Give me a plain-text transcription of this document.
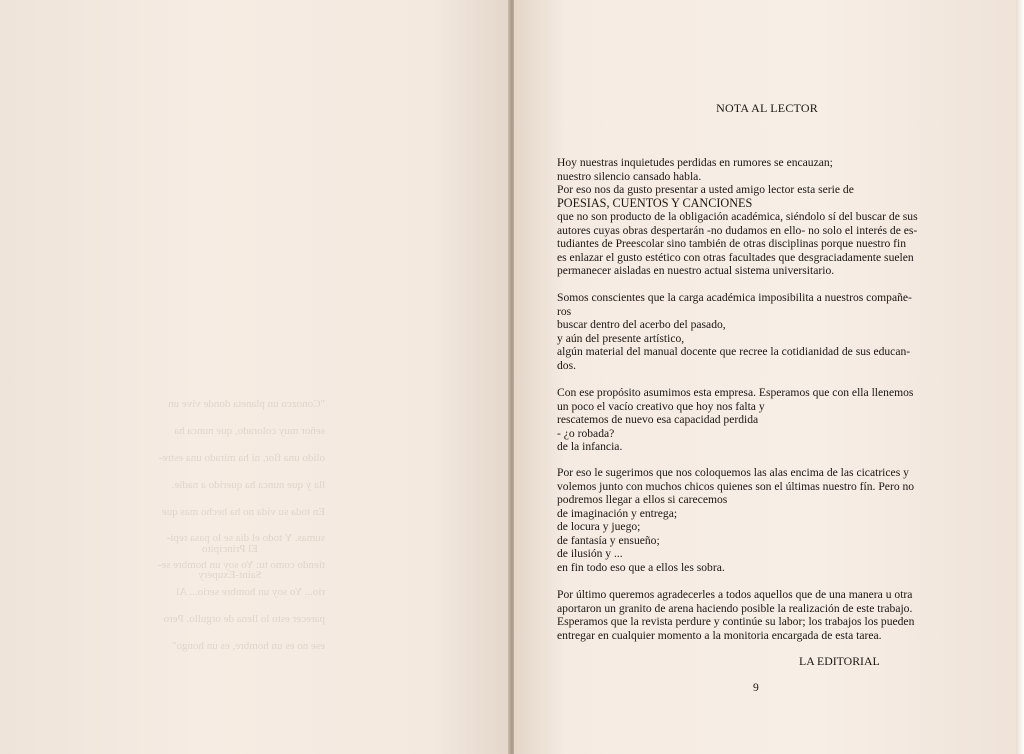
"Conozco un planeta donde vive un

señor muy colorado, que nunca ha

olido una flor, ni ha mirado una estre-

lla y que nunca ha querido a nadie.

En toda su vida no ha hecho mas que

sumas. Y todo el día se lo pasa repi-

tiendo como tu: Yo soy un hombre se-

rio... Yo soy un hombre serio... Al

parecer esto lo llena de orgullo. Pero

ese no es un hombre, es un hongo"

El Principito

Saint-Exupéry

NOTA AL LECTOR
Hoy nuestras inquietudes perdidas en rumores se encauzan;
nuestro silencio cansado habla.
Por eso nos da gusto presentar a usted amigo lector esta serie de
POESIAS, CUENTOS Y CANCIONES
que no son producto de la obligación académica, siéndolo sí del buscar de sus
autores cuyas obras despertarán -no dudamos en ello- no solo el interés de es-
tudiantes de Preescolar sino también de otras disciplinas porque nuestro fin
es enlazar el gusto estético con otras facultades que desgraciadamente suelen
permanecer aisladas en nuestro actual sistema universitario.
Somos conscientes que la carga académica imposibilita a nuestros compañe-
ros
buscar dentro del acerbo del pasado,
y aún del presente artístico,
algún material del manual docente que recree la cotidianidad de sus educan-
dos.
Con ese propósito asumimos esta empresa. Esperamos que con ella llenemos
un poco el vacío creativo que hoy nos falta y
rescatemos de nuevo esa capacidad perdida
- ¿o robada?
de la infancia.
Por eso le sugerimos que nos coloquemos las alas encima de las cicatrices y
volemos junto con muchos chicos quienes son el últimas nuestro fín. Pero no
podremos llegar a ellos si carecemos
de imaginación y entrega;
de locura y juego;
de fantasía y ensueño;
de ilusión y ...
en fin todo eso que a ellos les sobra.
Por último queremos agradecerles a todos aquellos que de una manera u otra
aportaron un granito de arena haciendo posible la realización de este trabajo.
Esperamos que la revista perdure y continúe su labor; los trabajos los pueden
entregar en cualquier momento a la monitoria encargada de esta tarea.
LA EDITORIAL
9
